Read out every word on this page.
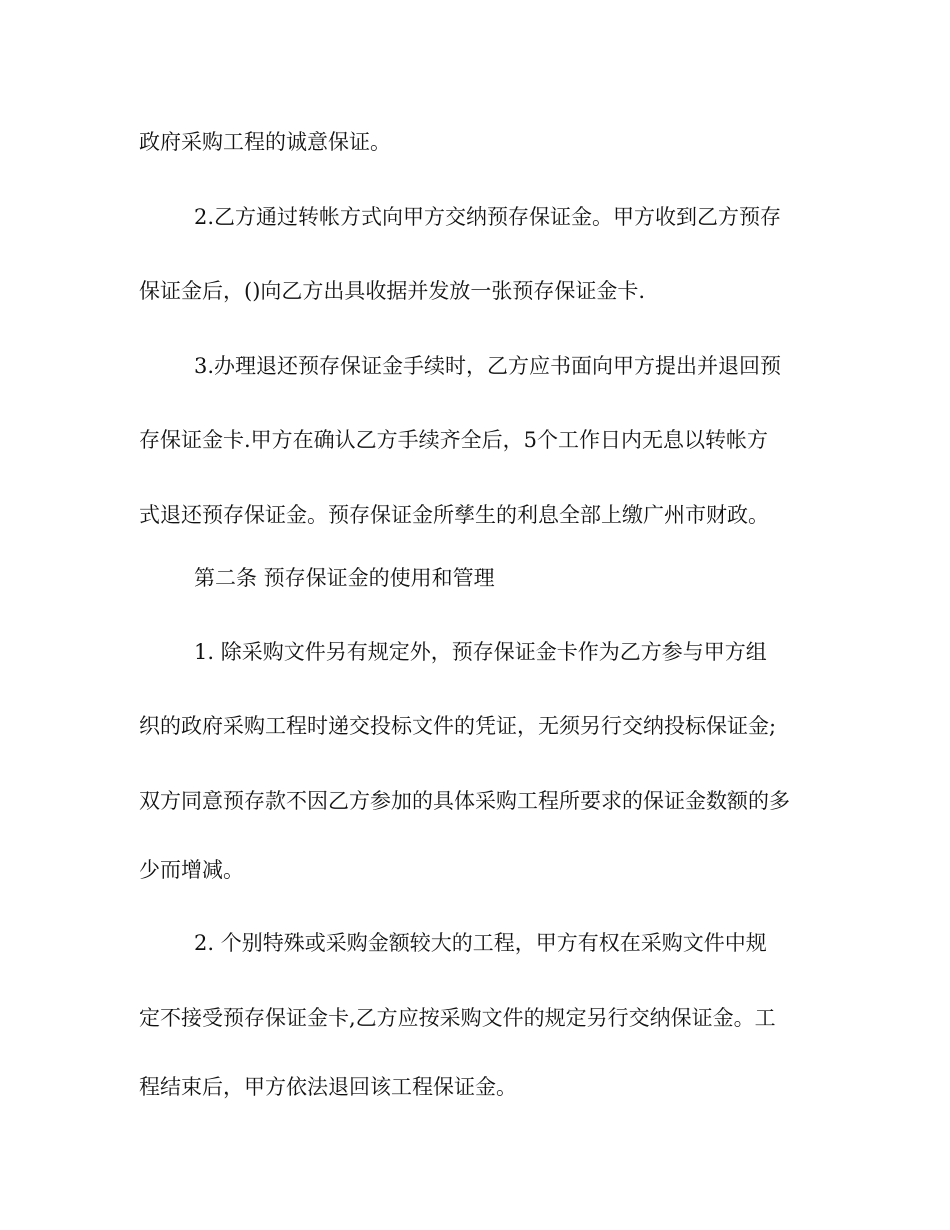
政府采购工程的诚意保证。
2.乙方通过转帐方式向甲方交纳预存保证金。甲方收到乙方预存
保证金后，()向乙方出具收据并发放一张预存保证金卡.
3.办理退还预存保证金手续时，乙方应书面向甲方提出并退回预
存保证金卡.甲方在确认乙方手续齐全后，5个工作日内无息以转帐方
式退还预存保证金。预存保证金所孳生的利息全部上缴广州市财政。
第二条 预存保证金的使用和管理
1. 除采购文件另有规定外，预存保证金卡作为乙方参与甲方组
织的政府采购工程时递交投标文件的凭证，无须另行交纳投标保证金;
双方同意预存款不因乙方参加的具体采购工程所要求的保证金数额的多
少而增减。
2. 个别特殊或采购金额较大的工程，甲方有权在采购文件中规
定不接受预存保证金卡,乙方应按采购文件的规定另行交纳保证金。工
程结束后，甲方依法退回该工程保证金。
